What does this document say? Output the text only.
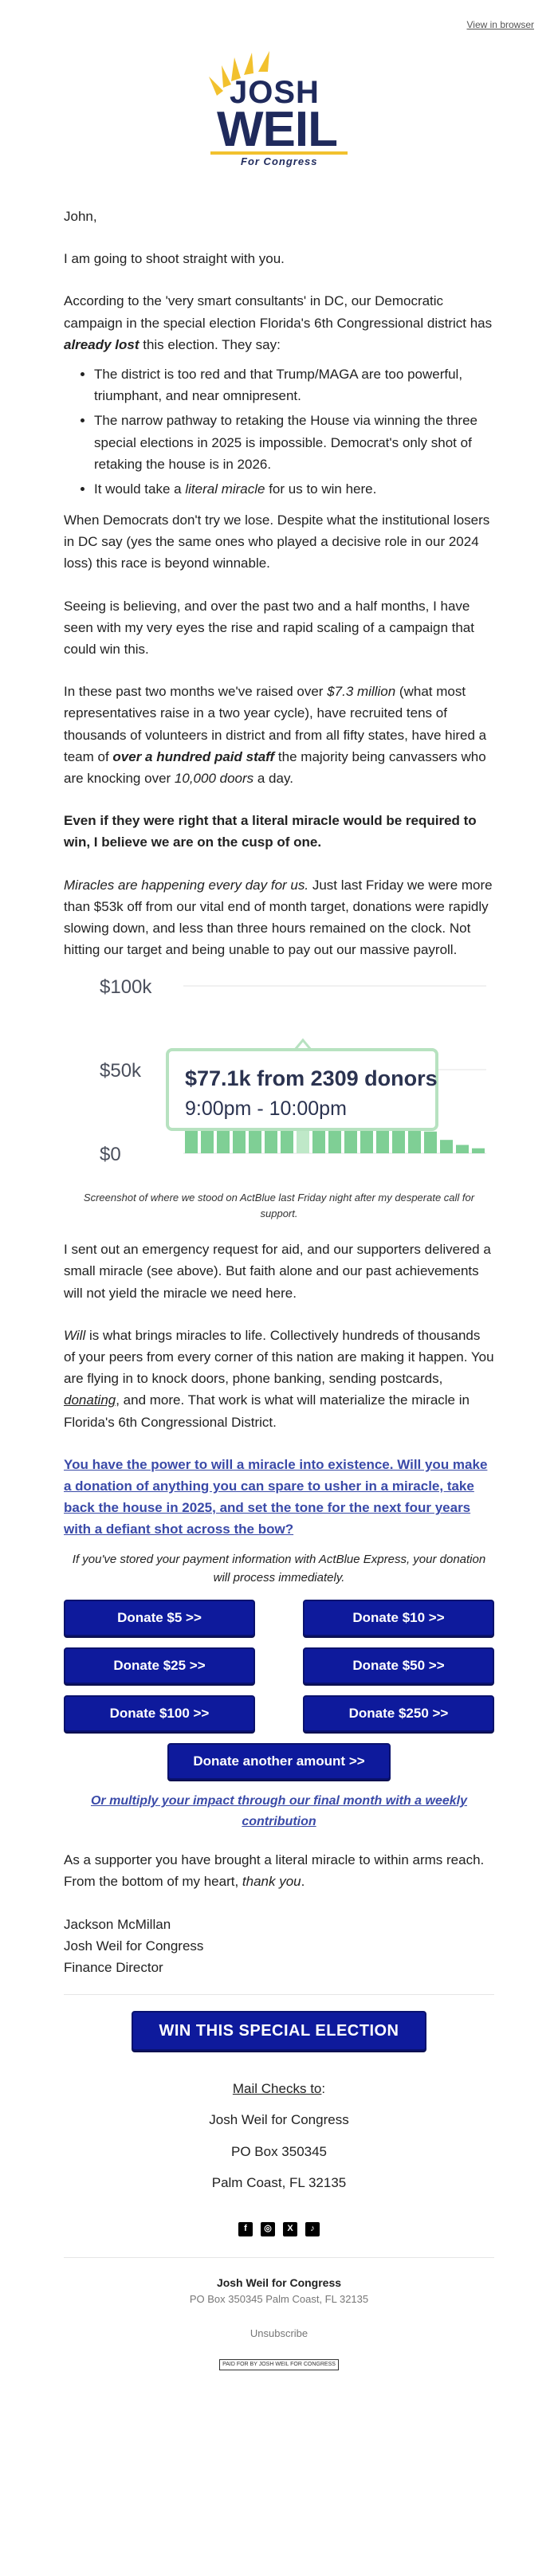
View in browser
JOSH
WEIL
For Congress

John,

I am going to shoot straight with you.

According to the 'very smart consultants' in DC, our Democratic campaign in the special election Florida's 6th Congressional district has already lost this election. They say:

• The district is too red and that Trump/MAGA are too powerful, triumphant, and near omnipresent.
• The narrow pathway to retaking the House via winning the three special elections in 2025 is impossible. Democrat's only shot of retaking the house is in 2026.
• It would take a literal miracle for us to win here.

When Democrats don't try we lose. Despite what the institutional losers in DC say (yes the same ones who played a decisive role in our 2024 loss) this race is beyond winnable.

Seeing is believing, and over the past two and a half months, I have seen with my very eyes the rise and rapid scaling of a campaign that could win this.

In these past two months we've raised over $7.3 million (what most representatives raise in a two year cycle), have recruited tens of thousands of volunteers in district and from all fifty states, have hired a team of over a hundred paid staff the majority being canvassers who are knocking over 10,000 doors a day.

Even if they were right that a literal miracle would be required to win, I believe we are on the cusp of one.

Miracles are happening every day for us. Just last Friday we were more than $53k off from our vital end of month target, donations were rapidly slowing down, and less than three hours remained on the clock. Not hitting our target and being unable to pay out our massive payroll.

$100k
$50k
$0
$77.1k from 2309 donors
9:00pm - 10:00pm
Screenshot of where we stood on ActBlue last Friday night after my desperate call for support.

I sent out an emergency request for aid, and our supporters delivered a small miracle (see above). But faith alone and our past achievements will not yield the miracle we need here.

Will is what brings miracles to life. Collectively hundreds of thousands of your peers from every corner of this nation are making it happen. You are flying in to knock doors, phone banking, sending postcards, donating, and more. That work is what will materialize the miracle in Florida's 6th Congressional District.

You have the power to will a miracle into existence. Will you make a donation of anything you can spare to usher in a miracle, take back the house in 2025, and set the tone for the next four years with a defiant shot across the bow?
If you've stored your payment information with ActBlue Express, your donation will process immediately.
Donate $5 >>	Donate $10 >>
Donate $25 >>	Donate $50 >>
Donate $100 >>	Donate $250 >>
Donate another amount >>
Or multiply your impact through our final month with a weekly contribution

As a supporter you have brought a literal miracle to within arms reach. From the bottom of my heart, thank you.

Jackson McMillan
Josh Weil for Congress
Finance Director
WIN THIS SPECIAL ELECTION
Mail Checks to:
Josh Weil for Congress
PO Box 350345
Palm Coast, FL 32135
f	◎	X	♪
Josh Weil for Congress
PO Box 350345 Palm Coast, FL 32135
Unsubscribe
PAID FOR BY JOSH WEIL FOR CONGRESS
